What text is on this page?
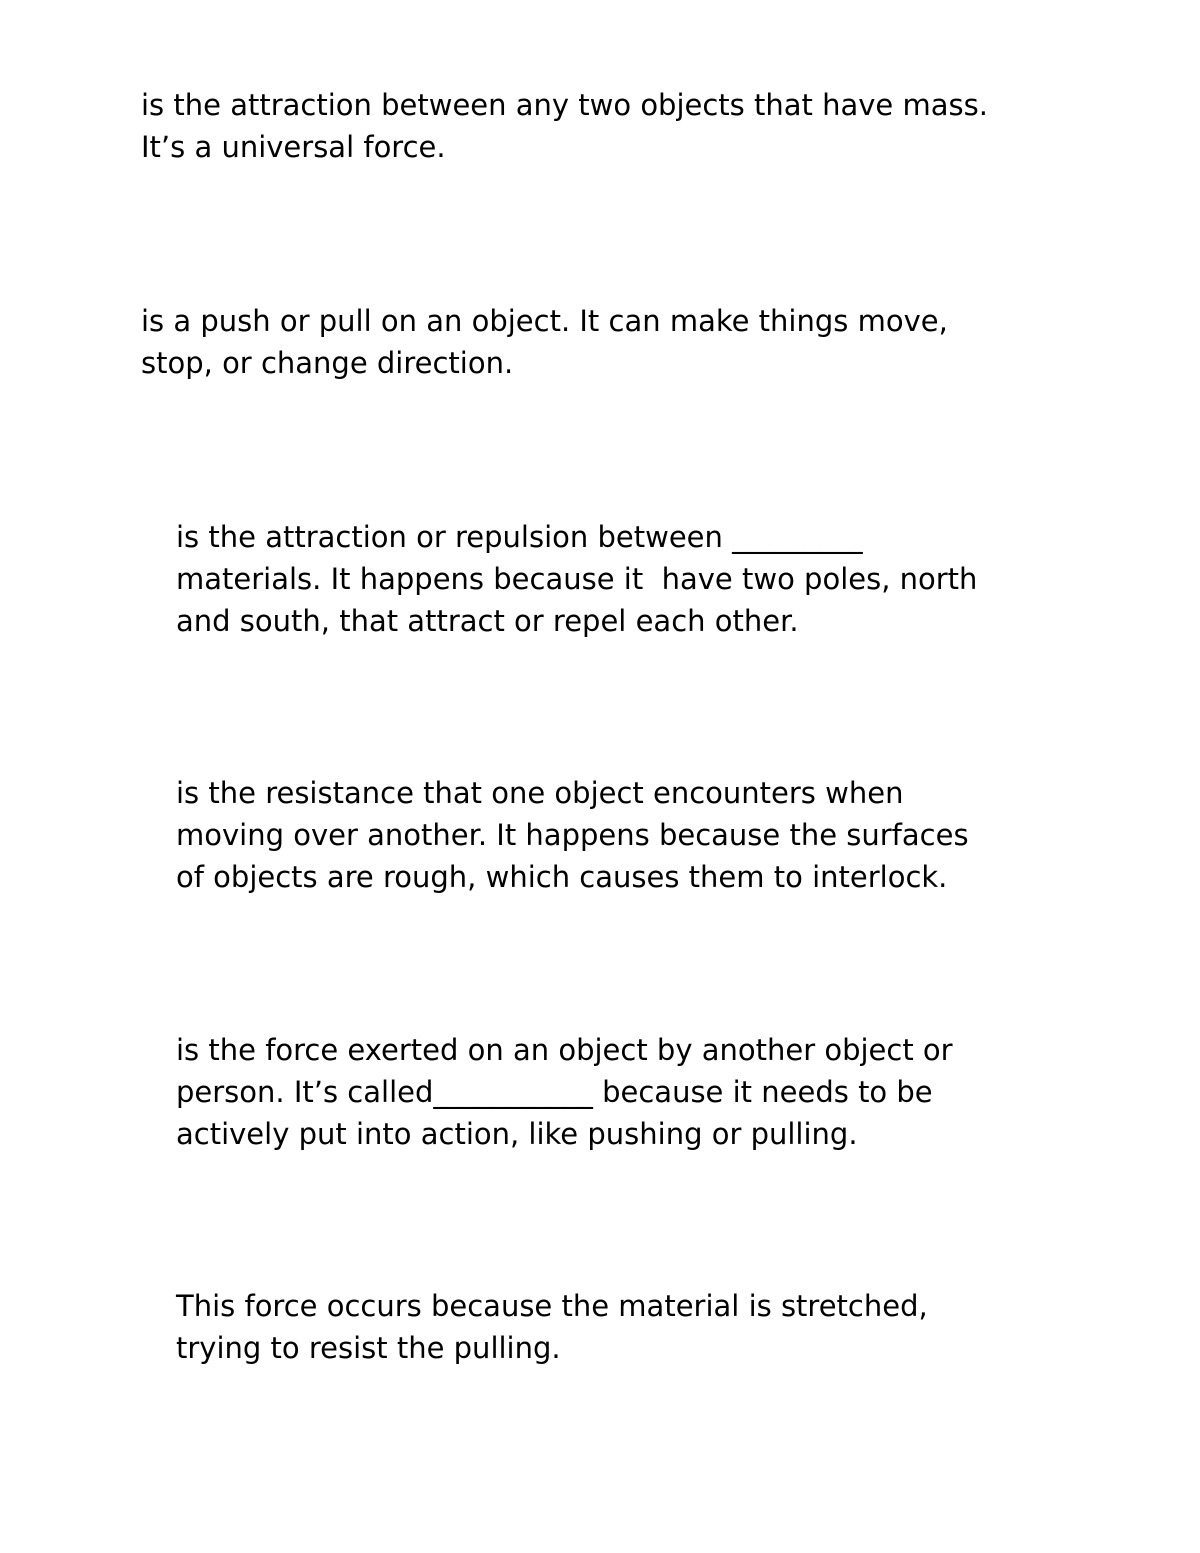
is the attraction between any two objects that have mass.
It’s a universal force.

is a push or pull on an object. It can make things move,
stop, or change direction.

is the attraction or repulsion between _________
materials. It happens because it  have two poles, north
and south, that attract or repel each other.

is the resistance that one object encounters when
moving over another. It happens because the surfaces
of objects are rough, which causes them to interlock.

is the force exerted on an object by another object or
person. It’s called___________ because it needs to be
actively put into action, like pushing or pulling.

This force occurs because the material is stretched,
trying to resist the pulling.
